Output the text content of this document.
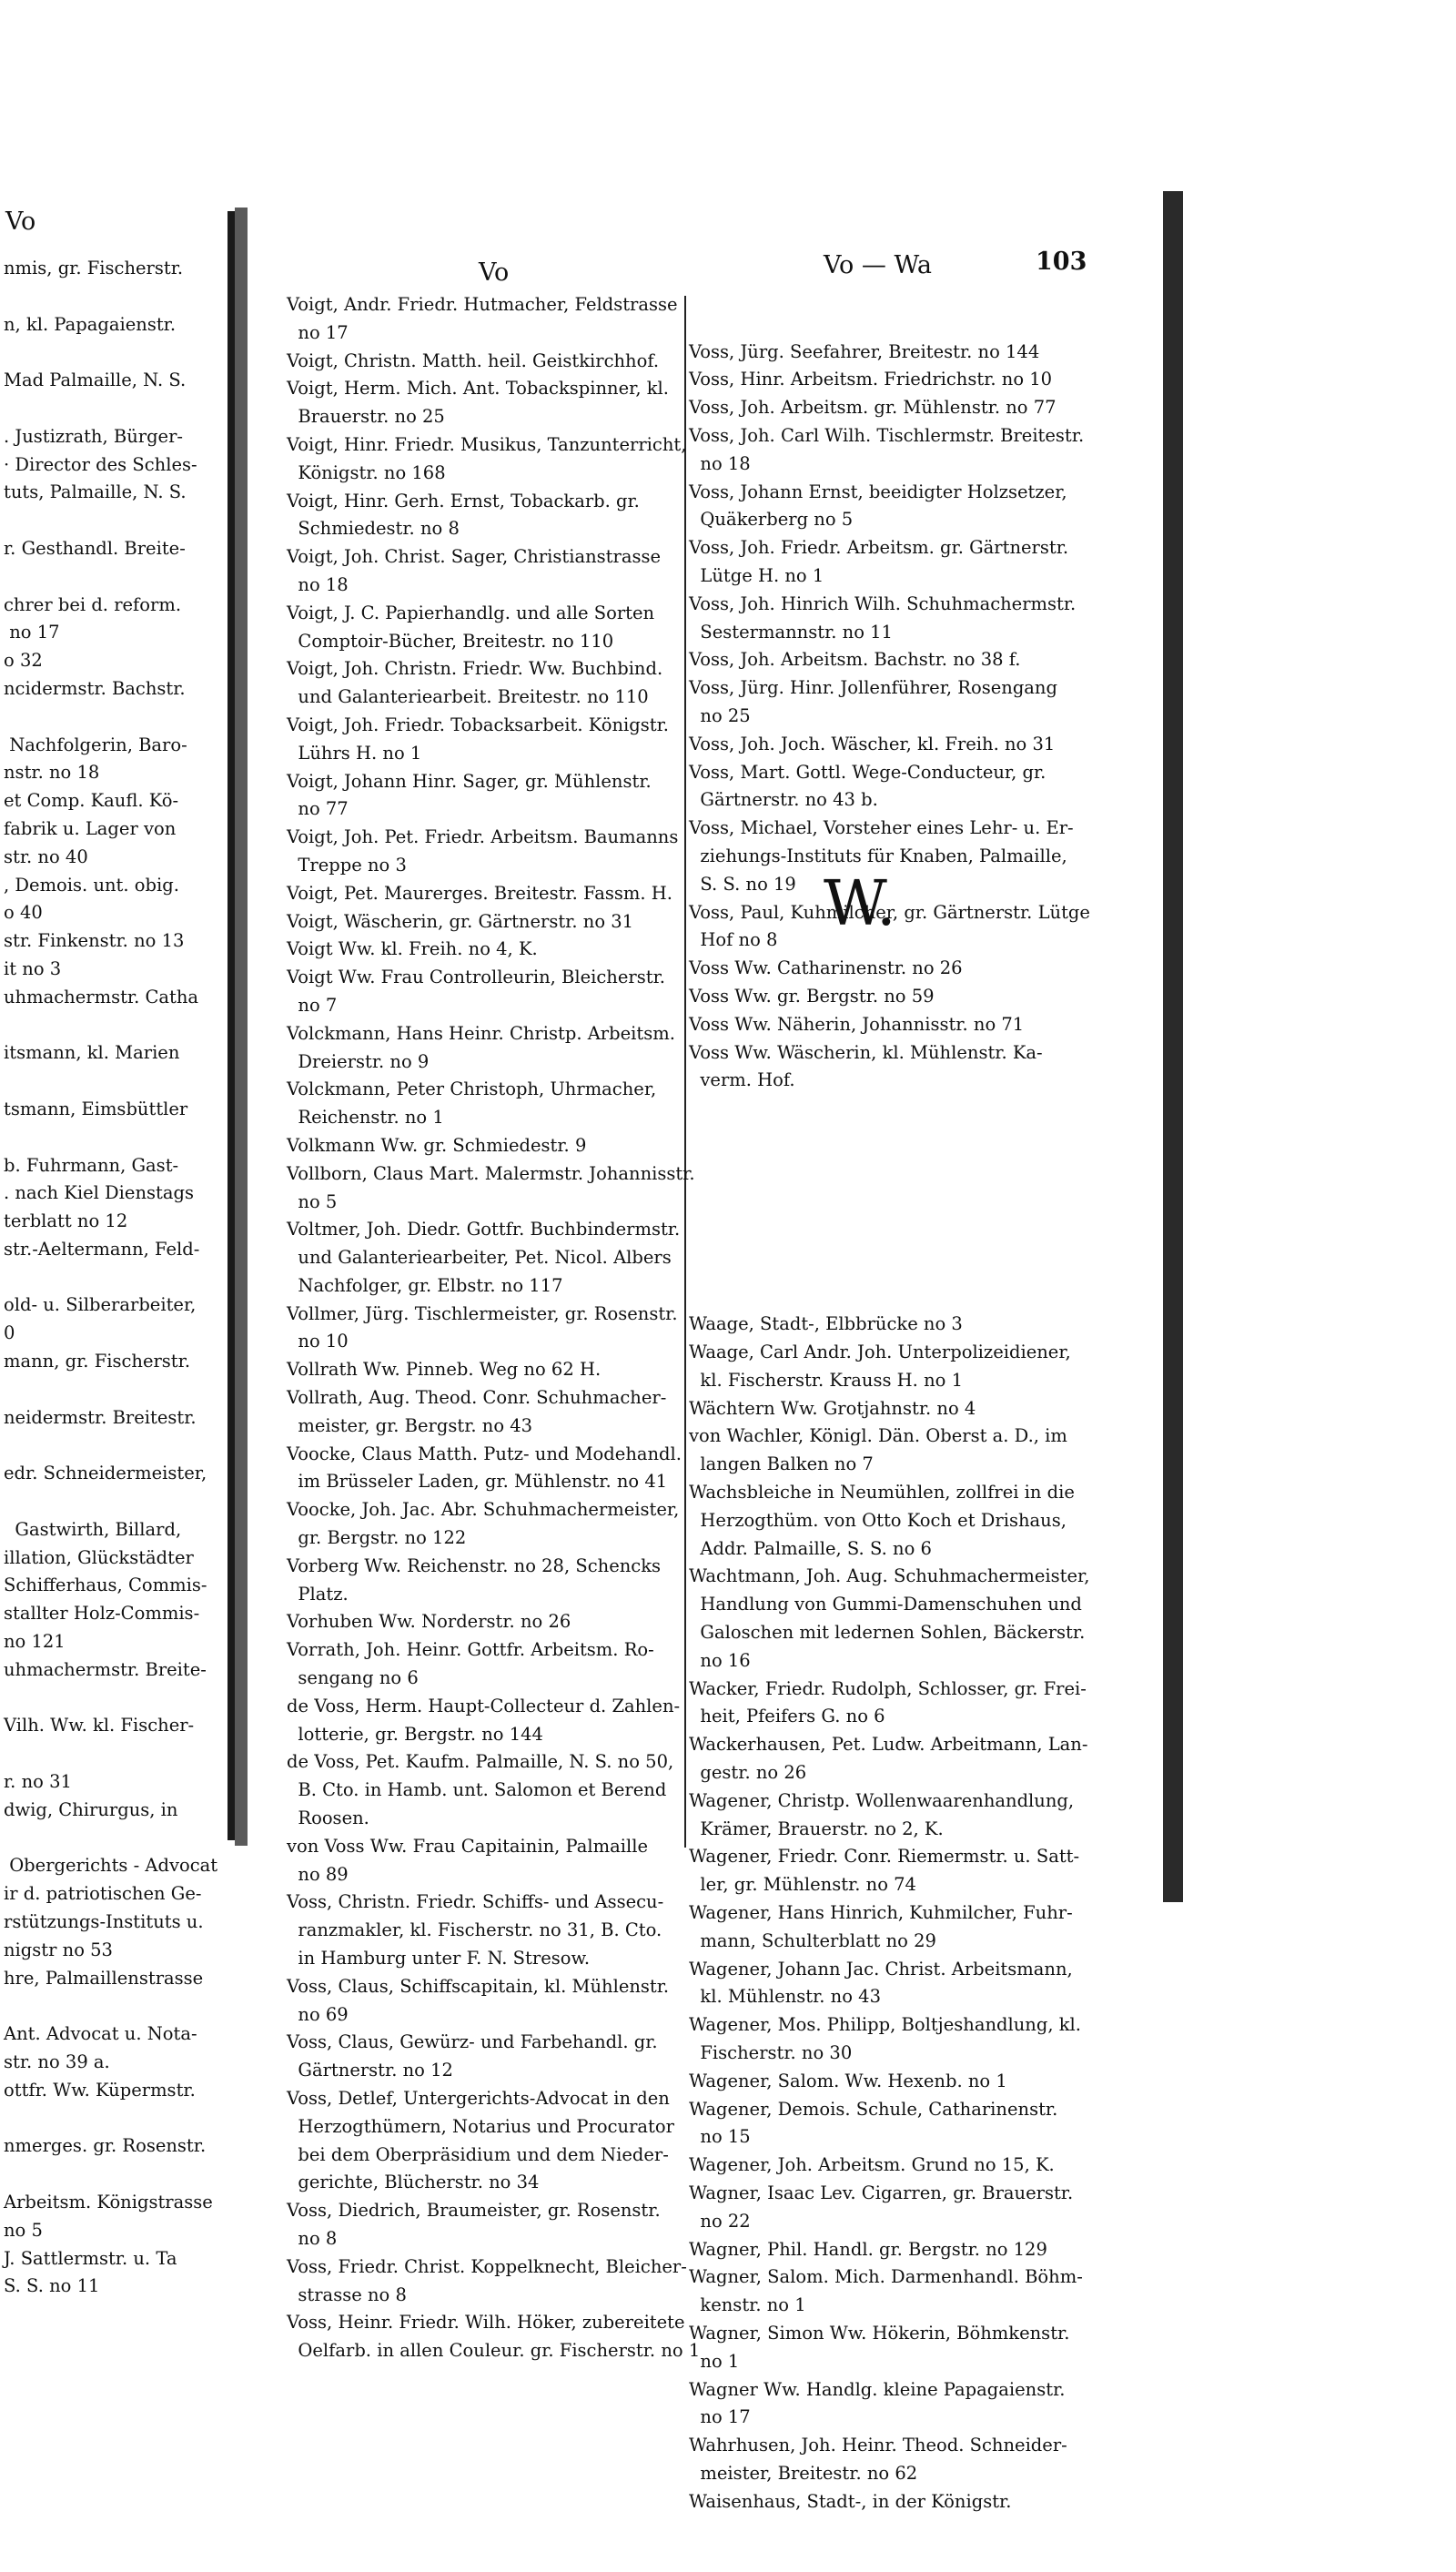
Vo
nmis, gr. Fischerstr.
n, kl. Papagaienstr.
Mad Palmaille, N. S.
. Justizrath, Bürger-
· Director des Schles-
tuts, Palmaille, N. S.
r. Gesthandl. Breite-
chrer bei d. reform.
no 17
o 32
ncidermstr. Bachstr.
Nachfolgerin, Baro-
nstr. no 18
et Comp. Kaufl. Kö-
fabrik u. Lager von
str. no 40
, Demois. unt. obig.
o 40
str. Finkenstr. no 13
it no 3
uhmachermstr. Catha
itsmann, kl. Marien
tsmann, Eimsbüttler
b. Fuhrmann, Gast-
. nach Kiel Dienstags
terblatt no 12
str.-Aeltermann, Feld-
old- u. Silberarbeiter,
0
mann, gr. Fischerstr.
neidermstr. Breitestr.
edr. Schneidermeister,
Gastwirth, Billard,
illation, Glückstädter
Schifferhaus, Commis-
stallter Holz-Commis-
no 121
uhmachermstr. Breite-
Vilh. Ww. kl. Fischer-
r. no 31
dwig, Chirurgus, in
Obergerichts - Advocat
ir d. patriotischen Ge-
rstützungs-Instituts u.
nigstr no 53
hre, Palmaillenstrasse
Ant. Advocat u. Nota-
str. no 39 a.
ottfr. Ww. Küpermstr.
nmerges. gr. Rosenstr.
Arbeitsm. Königstrasse
no 5
J. Sattlermstr. u. Ta
S. S. no 11
Vo	Vo — Wa	103
Voigt, Andr. Friedr. Hutmacher, Feldstrasse
no 17
Voigt, Christn. Matth. heil. Geistkirchhof.
Voigt, Herm. Mich. Ant. Tobackspinner, kl.
Brauerstr. no 25
Voigt, Hinr. Friedr. Musikus, Tanzunterricht,
Königstr. no 168
Voigt, Hinr. Gerh. Ernst, Tobackarb. gr.
Schmiedestr. no 8
Voigt, Joh. Christ. Sager, Christianstrasse
no 18
Voigt, J. C. Papierhandlg. und alle Sorten
Comptoir-Bücher, Breitestr. no 110
Voigt, Joh. Christn. Friedr. Ww. Buchbind.
und Galanteriearbeit. Breitestr. no 110
Voigt, Joh. Friedr. Tobacksarbeit. Königstr.
Lührs H. no 1
Voigt, Johann Hinr. Sager, gr. Mühlenstr.
no 77
Voigt, Joh. Pet. Friedr. Arbeitsm. Baumanns
Treppe no 3
Voigt, Pet. Maurerges. Breitestr. Fassm. H.
Voigt, Wäscherin, gr. Gärtnerstr. no 31
Voigt Ww. kl. Freih. no 4, K.
Voigt Ww. Frau Controlleurin, Bleicherstr.
no 7
Volckmann, Hans Heinr. Christp. Arbeitsm.
Dreierstr. no 9
Volckmann, Peter Christoph, Uhrmacher,
Reichenstr. no 1
Volkmann Ww. gr. Schmiedestr. 9
Vollborn, Claus Mart. Malermstr. Johannisstr.
no 5
Voltmer, Joh. Diedr. Gottfr. Buchbindermstr.
und Galanteriearbeiter, Pet. Nicol. Albers
Nachfolger, gr. Elbstr. no 117
Vollmer, Jürg. Tischlermeister, gr. Rosenstr.
no 10
Vollrath Ww. Pinneb. Weg no 62 H.
Vollrath, Aug. Theod. Conr. Schuhmacher-
meister, gr. Bergstr. no 43
Voocke, Claus Matth. Putz- und Modehandl.
im Brüsseler Laden, gr. Mühlenstr. no 41
Voocke, Joh. Jac. Abr. Schuhmachermeister,
gr. Bergstr. no 122
Vorberg Ww. Reichenstr. no 28, Schencks
Platz.
Vorhuben Ww. Norderstr. no 26
Vorrath, Joh. Heinr. Gottfr. Arbeitsm. Ro-
sengang no 6
de Voss, Herm. Haupt-Collecteur d. Zahlen-
lotterie, gr. Bergstr. no 144
de Voss, Pet. Kaufm. Palmaille, N. S. no 50,
B. Cto. in Hamb. unt. Salomon et Berend
Roosen.
von Voss Ww. Frau Capitainin, Palmaille
no 89
Voss, Christn. Friedr. Schiffs- und Assecu-
ranzmakler, kl. Fischerstr. no 31, B. Cto.
in Hamburg unter F. N. Stresow.
Voss, Claus, Schiffscapitain, kl. Mühlenstr.
no 69
Voss, Claus, Gewürz- und Farbehandl. gr.
Gärtnerstr. no 12
Voss, Detlef, Untergerichts-Advocat in den
Herzogthümern, Notarius und Procurator
bei dem Oberpräsidium und dem Nieder-
gerichte, Blücherstr. no 34
Voss, Diedrich, Braumeister, gr. Rosenstr.
no 8
Voss, Friedr. Christ. Koppelknecht, Bleicher-
strasse no 8
Voss, Heinr. Friedr. Wilh. Höker, zubereitete
Oelfarb. in allen Couleur. gr. Fischerstr. no 1

Voss, Jürg. Seefahrer, Breitestr. no 144
Voss, Hinr. Arbeitsm. Friedrichstr. no 10
Voss, Joh. Arbeitsm. gr. Mühlenstr. no 77
Voss, Joh. Carl Wilh. Tischlermstr. Breitestr.
no 18
Voss, Johann Ernst, beeidigter Holzsetzer,
Quäkerberg no 5
Voss, Joh. Friedr. Arbeitsm. gr. Gärtnerstr.
Lütge H. no 1
Voss, Joh. Hinrich Wilh. Schuhmachermstr.
Sestermannstr. no 11
Voss, Joh. Arbeitsm. Bachstr. no 38 f.
Voss, Jürg. Hinr. Jollenführer, Rosengang
no 25
Voss, Joh. Joch. Wäscher, kl. Freih. no 31
Voss, Mart. Gottl. Wege-Conducteur, gr.
Gärtnerstr. no 43 b.
Voss, Michael, Vorsteher eines Lehr- u. Er-
ziehungs-Instituts für Knaben, Palmaille,
S. S. no 19
Voss, Paul, Kuhmilcher, gr. Gärtnerstr. Lütge
Hof no 8
Voss Ww. Catharinenstr. no 26
Voss Ww. gr. Bergstr. no 59
Voss Ww. Näherin, Johannisstr. no 71
Voss Ww. Wäscherin, kl. Mühlenstr. Ka-
verm. Hof.

Waage, Stadt-, Elbbrücke no 3
Waage, Carl Andr. Joh. Unterpolizeidiener,
kl. Fischerstr. Krauss H. no 1
Wächtern Ww. Grotjahnstr. no 4
von Wachler, Königl. Dän. Oberst a. D., im
langen Balken no 7
Wachsbleiche in Neumühlen, zollfrei in die
Herzogthüm. von Otto Koch et Drishaus,
Addr. Palmaille, S. S. no 6
Wachtmann, Joh. Aug. Schuhmachermeister,
Handlung von Gummi-Damenschuhen und
Galoschen mit ledernen Sohlen, Bäckerstr.
no 16
Wacker, Friedr. Rudolph, Schlosser, gr. Frei-
heit, Pfeifers G. no 6
Wackerhausen, Pet. Ludw. Arbeitmann, Lan-
gestr. no 26
Wagener, Christp. Wollenwaarenhandlung,
Krämer, Brauerstr. no 2, K.
Wagener, Friedr. Conr. Riemermstr. u. Satt-
ler, gr. Mühlenstr. no 74
Wagener, Hans Hinrich, Kuhmilcher, Fuhr-
mann, Schulterblatt no 29
Wagener, Johann Jac. Christ. Arbeitsmann,
kl. Mühlenstr. no 43
Wagener, Mos. Philipp, Boltjeshandlung, kl.
Fischerstr. no 30
Wagener, Salom. Ww. Hexenb. no 1
Wagener, Demois. Schule, Catharinenstr.
no 15
Wagener, Joh. Arbeitsm. Grund no 15, K.
Wagner, Isaac Lev. Cigarren, gr. Brauerstr.
no 22
Wagner, Phil. Handl. gr. Bergstr. no 129
Wagner, Salom. Mich. Darmenhandl. Böhm-
kenstr. no 1
Wagner, Simon Ww. Hökerin, Böhmkenstr.
no 1
Wagner Ww. Handlg. kleine Papagaienstr.
no 17
Wahrhusen, Joh. Heinr. Theod. Schneider-
meister, Breitestr. no 62
Waisenhaus, Stadt-, in der Königstr.

W.
